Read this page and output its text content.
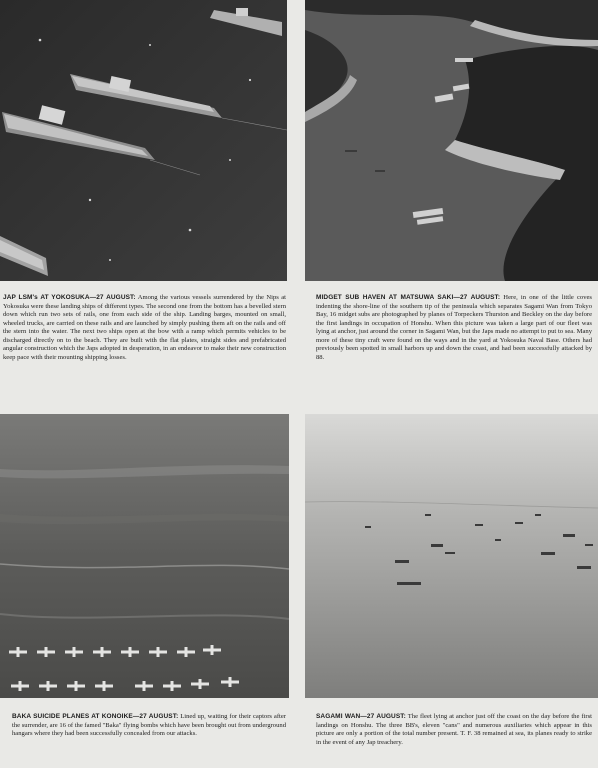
JAP LSM's AT YOKOSUKA—27 AUGUST: Among the various vessels surrendered by the Nips at Yokosuka were these landing ships of different types. The second one from the bottom has a bevelled stern down which run two sets of rails, one from each side of the ship. Landing barges, mounted on small, wheeled trucks, are carried on these rails and are launched by simply pushing them aft on the rails and off the stern into the water. The next two ships open at the bow with a ramp which permits vehicles to be discharged directly on to the beach. They are built with the flat plates, straight sides and prefabricated angular construction which the Japs adopted in desperation, in an endeavor to make their new construction keep pace with their mounting shipping losses.
MIDGET SUB HAVEN AT MATSUWA SAKI—27 AUGUST: Here, in one of the little coves indenting the shore-line of the southern tip of the peninsula which separates Sagami Wan from Tokyo Bay, 16 midget subs are photographed by planes of Torpeckers Thurston and Beckley on the day before the first landings in occupation of Honshu. When this picture was taken a large part of our fleet was lying at anchor, just around the corner in Sagami Wan, but the Japs made no attempt to put to sea. Many more of these tiny craft were found on the ways and in the yard at Yokosuka Naval Base. Others had previously been spotted in small harbors up and down the coast, and had been successfully attacked by 88.
BAKA SUICIDE PLANES AT KONOIKE—27 AUGUST: Lined up, waiting for their captors after the surrender, are 16 of the famed "Baka" flying bombs which have been brought out from underground hangars where they had been successfully concealed from our attacks.
SAGAMI WAN—27 AUGUST: The fleet lying at anchor just off the coast on the day before the first landings on Honshu. The three BB's, eleven "cans" and numerous auxiliaries which appear in this picture are only a portion of the total number present. T. F. 38 remained at sea, its planes ready to strike in the event of any Jap treachery.
